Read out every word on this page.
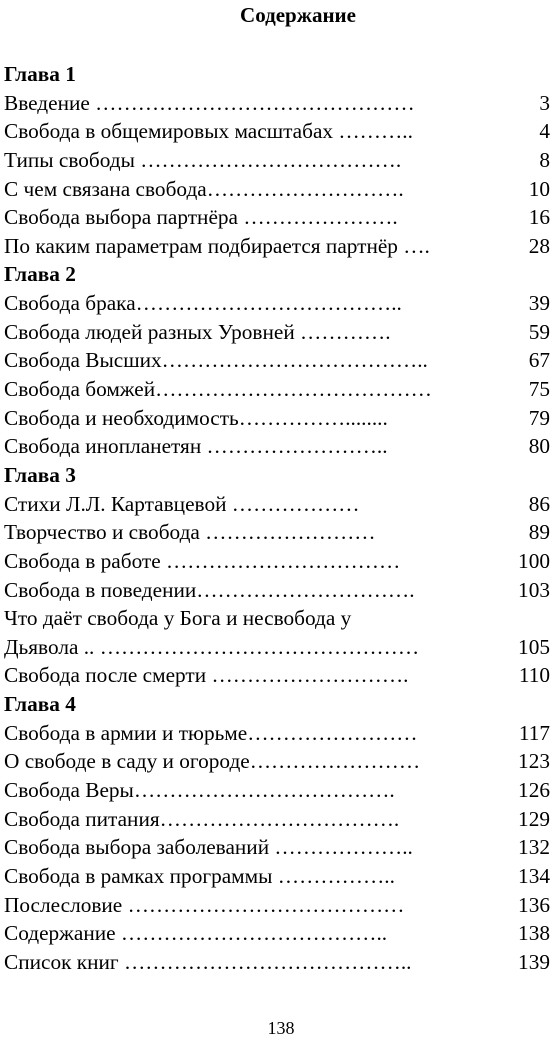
Содержание
Глава 1
Введение ………………………………………	3
Свобода в общемировых масштабах ………..	4
Типы свободы ……………………………….	8
С чем связана свобода……………………….	10
Свобода выбора партнёра ………………….	16
По каким параметрам подбирается партнёр ….	28
Глава 2
Свобода брака………………………………..	39
Свобода людей разных Уровней ………….	59
Свобода Высших………………………………..	67
Свобода бомжей…………………………………	75
Свобода и необходимость……………........	79
Свобода инопланетян ……………………..	80
Глава 3
Стихи Л.Л. Картавцевой ………………	86
Творчество и свобода ……………………	89
Свобода в работе ……………………………	100
Свобода в поведении………………………….	103
Что даёт свобода у Бога и несвобода у
Дьявола .. ………………………………………	105
Свобода после смерти ……………………….	110
Глава 4
Свобода в армии и тюрьме……………………	117
О свободе в саду и огороде……………………	123
Свобода Веры……………………………….	126
Свобода питания…………………………….	129
Свобода выбора заболеваний ………………..	132
Свобода в рамках программы ……………..	134
Послесловие …………………………………	136
Содержание ………………………………..	138
Список книг …………………………………..	139
138
